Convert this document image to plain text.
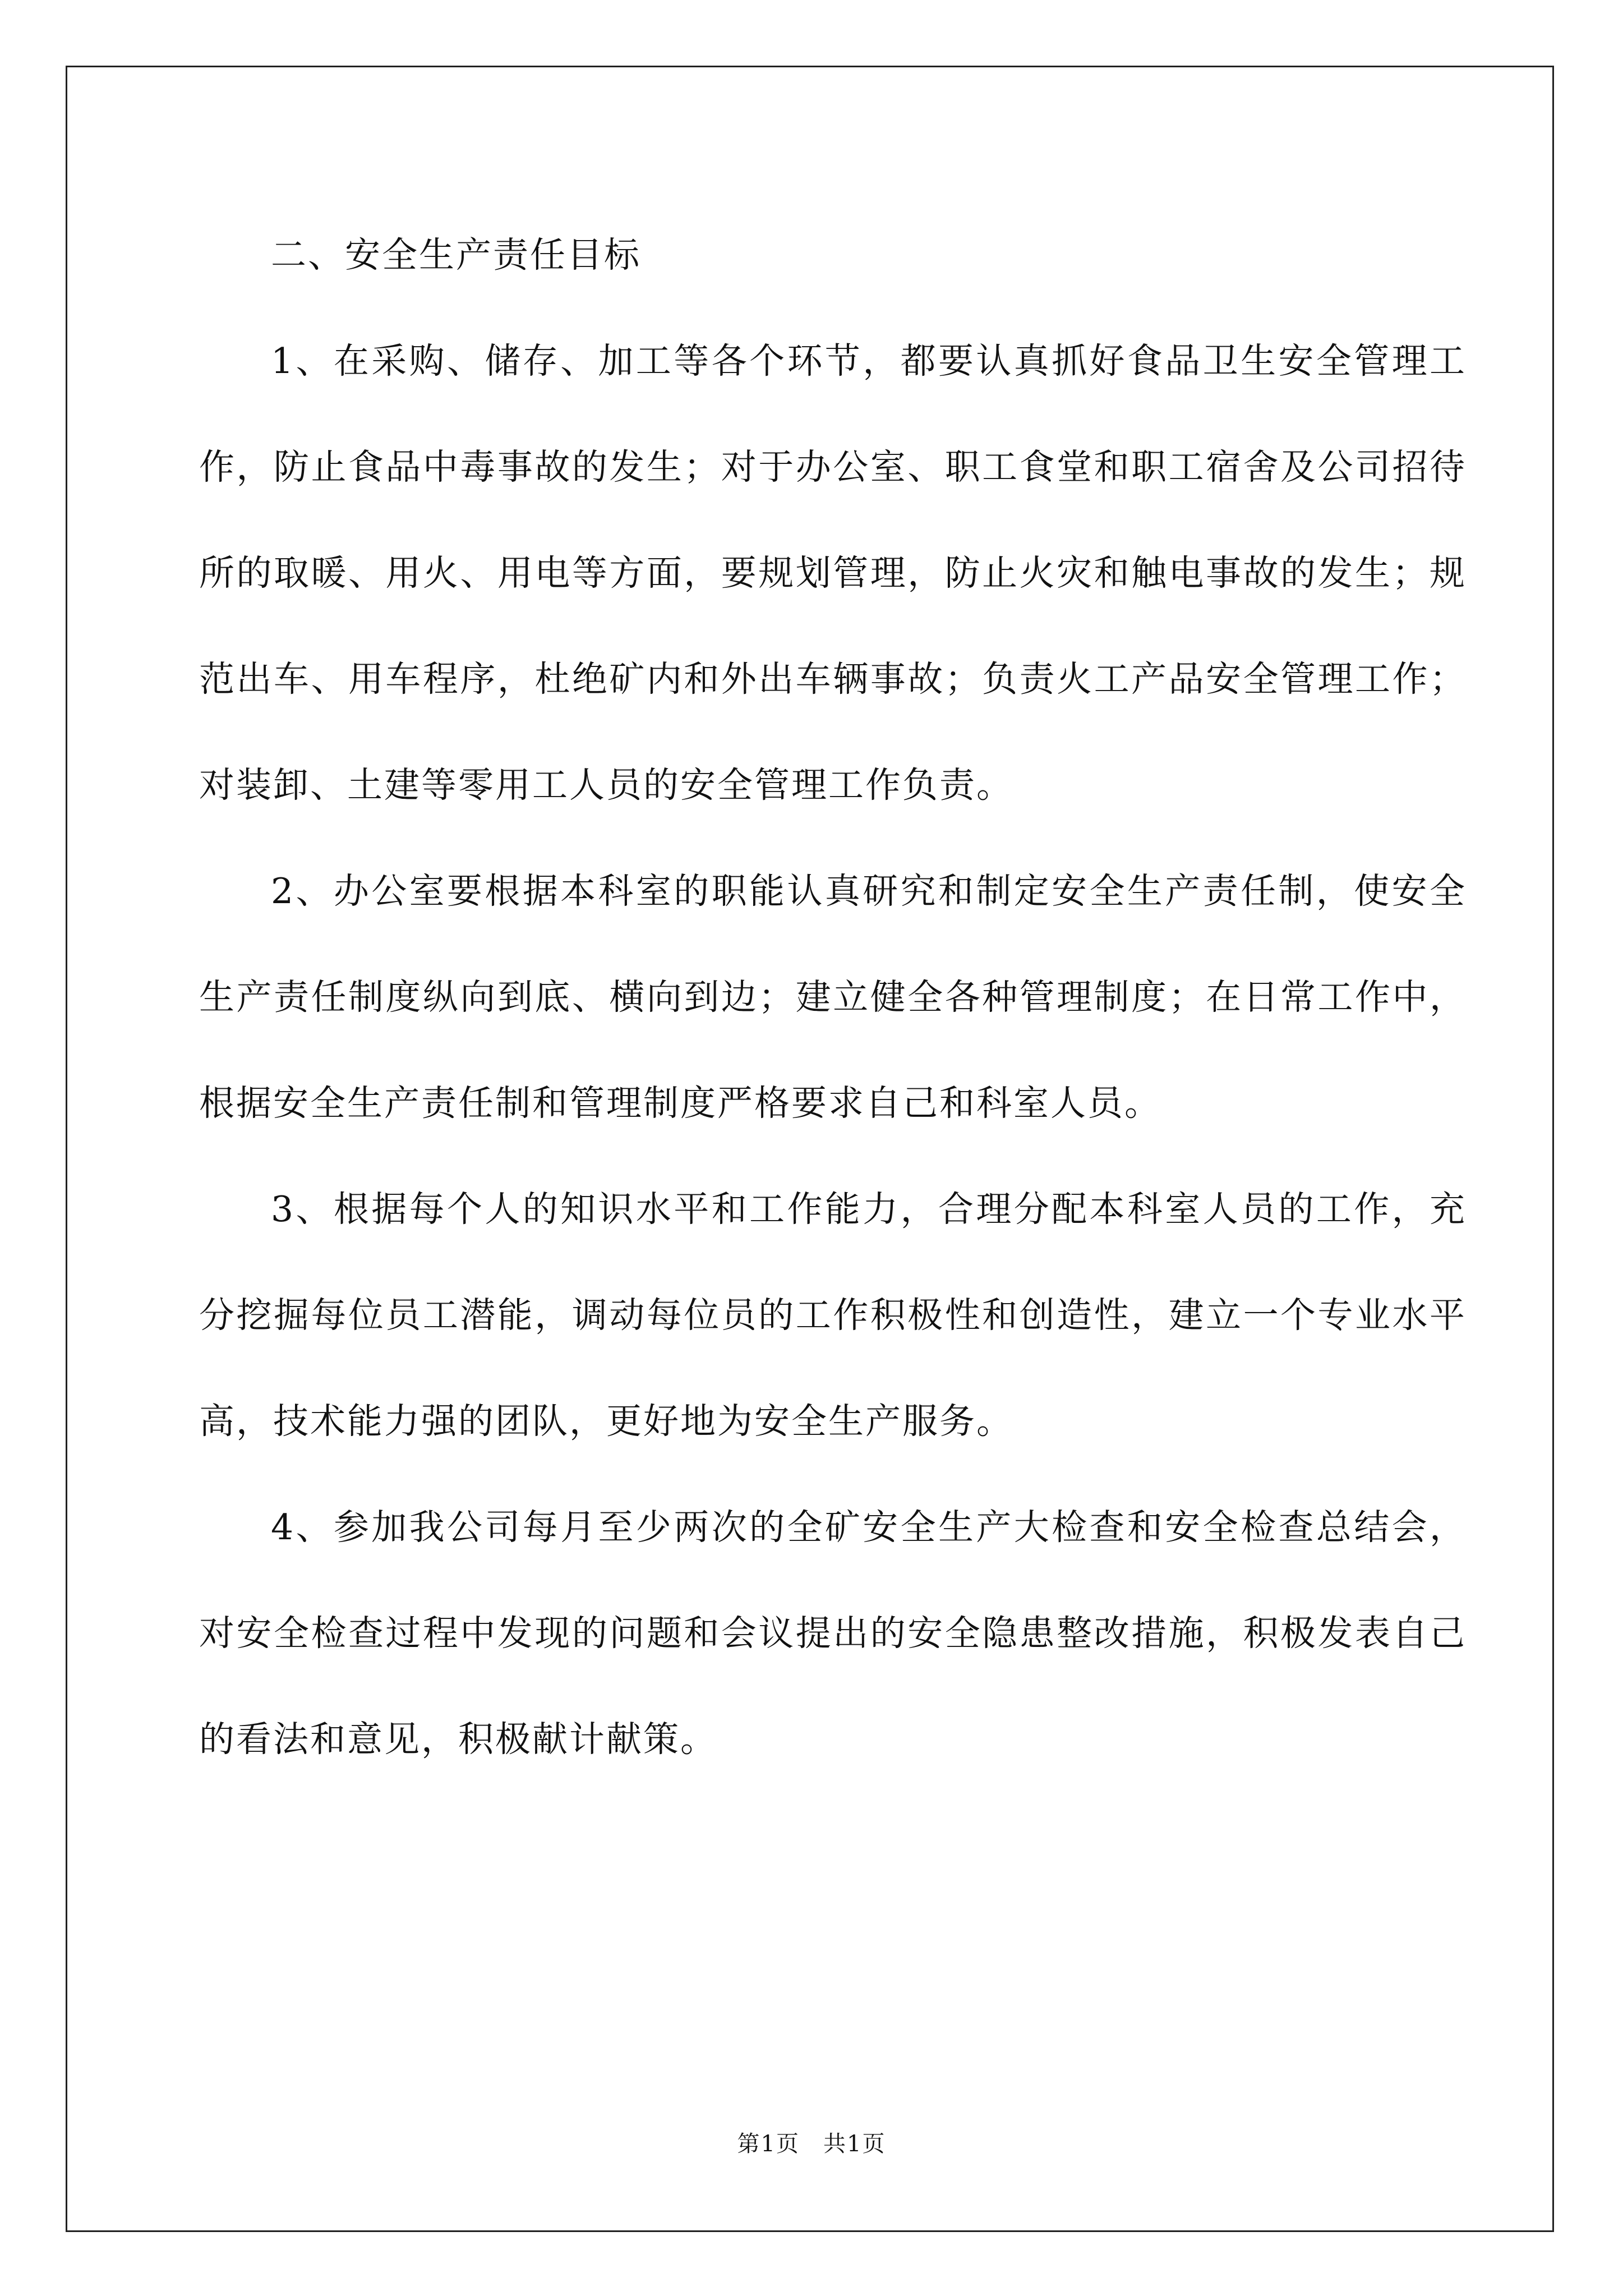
二、安全生产责任目标

1、在采购、储存、加工等各个环节，都要认真抓好食品卫生安全管理工作，防止食品中毒事故的发生；对于办公室、职工食堂和职工宿舍及公司招待所的取暖、用火、用电等方面，要规划管理，防止火灾和触电事故的发生；规范出车、用车程序，杜绝矿内和外出车辆事故；负责火工产品安全管理工作；对装卸、土建等零用工人员的安全管理工作负责。

2、办公室要根据本科室的职能认真研究和制定安全生产责任制，使安全生产责任制度纵向到底、横向到边；建立健全各种管理制度；在日常工作中，根据安全生产责任制和管理制度严格要求自己和科室人员。

3、根据每个人的知识水平和工作能力，合理分配本科室人员的工作，充分挖掘每位员工潜能，调动每位员的工作积极性和创造性，建立一个专业水平高，技术能力强的团队，更好地为安全生产服务。

4、参加我公司每月至少两次的全矿安全生产大检查和安全检查总结会，对安全检查过程中发现的问题和会议提出的安全隐患整改措施，积极发表自己的看法和意见，积极献计献策。

第1页　共1页
